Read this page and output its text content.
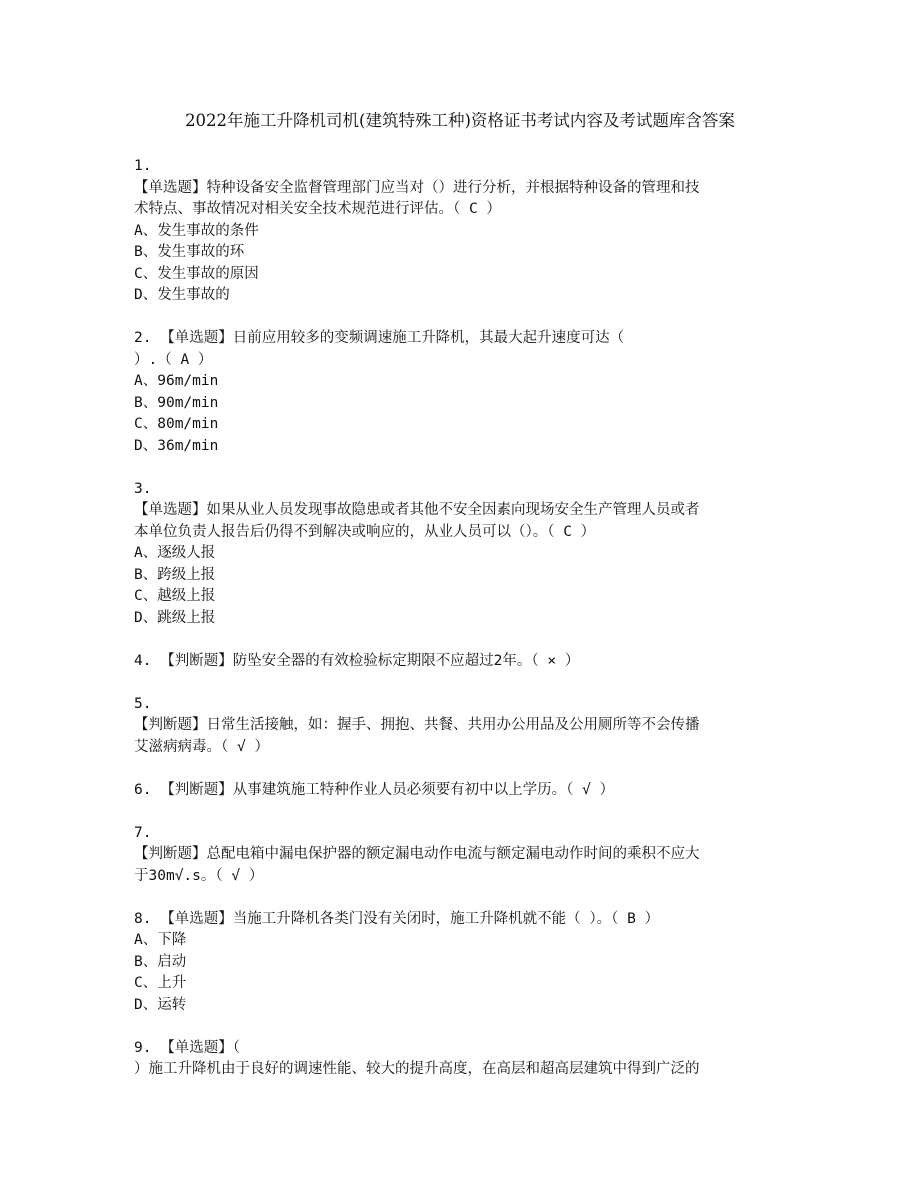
2022年施工升降机司机(建筑特殊工种)资格证书考试内容及考试题库含答案
1.
【单选题】特种设备安全监督管理部门应当对（）进行分析，并根据特种设备的管理和技
术特点、事故情况对相关安全技术规范进行评估。（ C ）
A、发生事故的条件
B、发生事故的环
C、发生事故的原因
D、发生事故的
2. 【单选题】日前应用较多的变频调速施工升降机，其最大起升速度可达（
）.（ A ）
A、96m/min
B、90m/min
C、80m/min
D、36m/min
3.
【单选题】如果从业人员发现事故隐患或者其他不安全因素向现场安全生产管理人员或者
本单位负责人报告后仍得不到解决或响应的，从业人员可以（）。（ C ）
A、逐级人报
B、跨级上报
C、越级上报
D、跳级上报
4. 【判断题】防坠安全器的有效检验标定期限不应超过2年。（ × ）
5.
【判断题】日常生活接触，如：握手、拥抱、共餐、共用办公用品及公用厕所等不会传播
艾滋病病毒。（ √ ）
6. 【判断题】从事建筑施工特种作业人员必须要有初中以上学历。（ √ ）
7.
【判断题】总配电箱中漏电保护器的额定漏电动作电流与额定漏电动作时间的乘积不应大
于30m√.s。（ √ ）
8. 【单选题】当施工升降机各类门没有关闭时，施工升降机就不能（ ）。（ B ）
A、下降
B、启动
C、上升
D、运转
9. 【单选题】（
）施工升降机由于良好的调速性能、较大的提升高度，在高层和超高层建筑中得到广泛的
